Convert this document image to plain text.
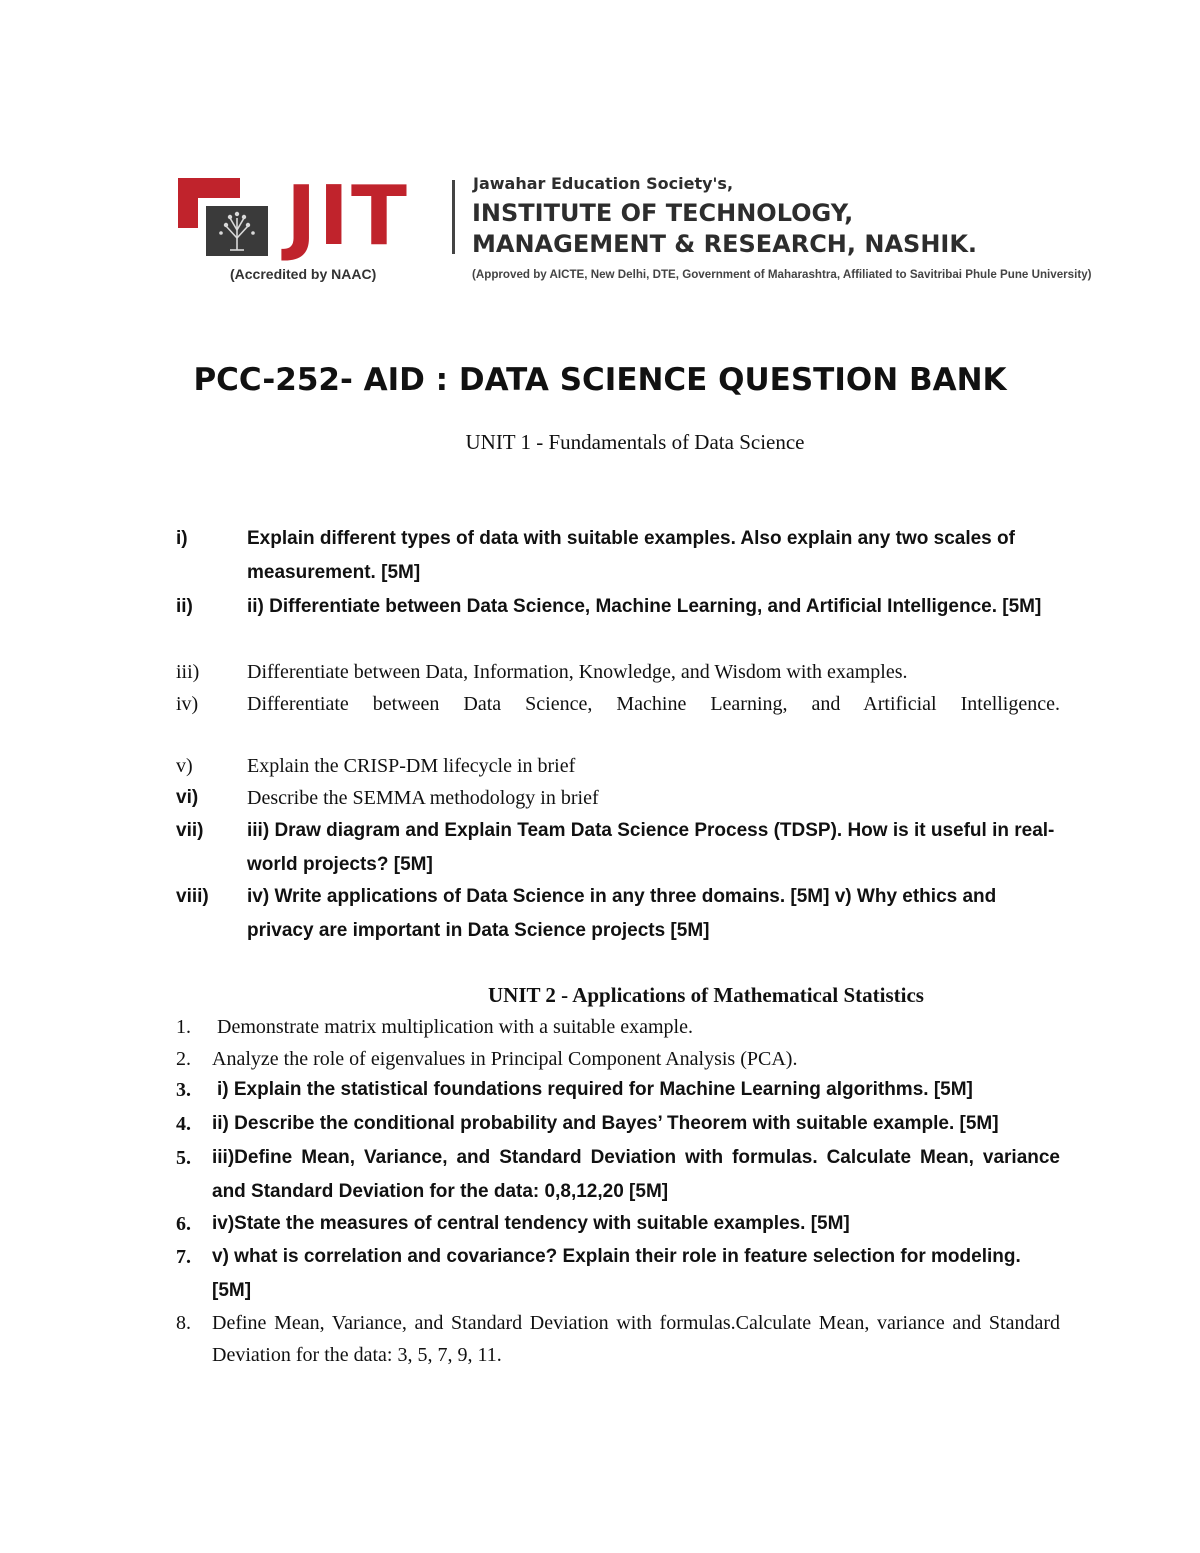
JIT
(Accredited by NAAC)
Jawahar Education Society's,
INSTITUTE OF TECHNOLOGY,
MANAGEMENT & RESEARCH, NASHIK.
(Approved by AICTE, New Delhi, DTE, Government of Maharashtra, Affiliated to Savitribai Phule Pune University)
PCC-252- AID : DATA SCIENCE QUESTION BANK
UNIT 1 - Fundamentals of Data Science
i)	Explain different types of data with suitable examples. Also explain any two scales of measurement. [5M]
ii)	ii) Differentiate between Data Science, Machine Learning, and Artificial Intelligence. [5M]
iii) Differentiate between Data, Information, Knowledge, and Wisdom with examples.
iv) Differentiate between Data Science, Machine Learning, and Artificial Intelligence.
v)	Explain the CRISP-DM lifecycle in brief
vi) Describe the SEMMA methodology in brief
vii) iii) Draw diagram and Explain Team Data Science Process (TDSP). How is it useful in real-world projects? [5M]
viii) iv) Write applications of Data Science in any three domains. [5M] v) Why ethics and privacy are important in Data Science projects [5M]
UNIT 2 - Applications of Mathematical Statistics
1. Demonstrate matrix multiplication with a suitable example.
2. Analyze the role of eigenvalues in Principal Component Analysis (PCA).
3. i) Explain the statistical foundations required for Machine Learning algorithms. [5M]
4. ii) Describe the conditional probability and Bayes’ Theorem with suitable example. [5M]
5. iii)Define Mean, Variance, and Standard Deviation with formulas. Calculate Mean, variance and Standard Deviation for the data: 0,8,12,20 [5M]
6. iv)State the measures of central tendency with suitable examples. [5M]
7. v) what is correlation and covariance? Explain their role in feature selection for modeling. [5M]
8. Define Mean, Variance, and Standard Deviation with formulas.Calculate Mean, variance and Standard Deviation for the data: 3, 5, 7, 9, 11.
